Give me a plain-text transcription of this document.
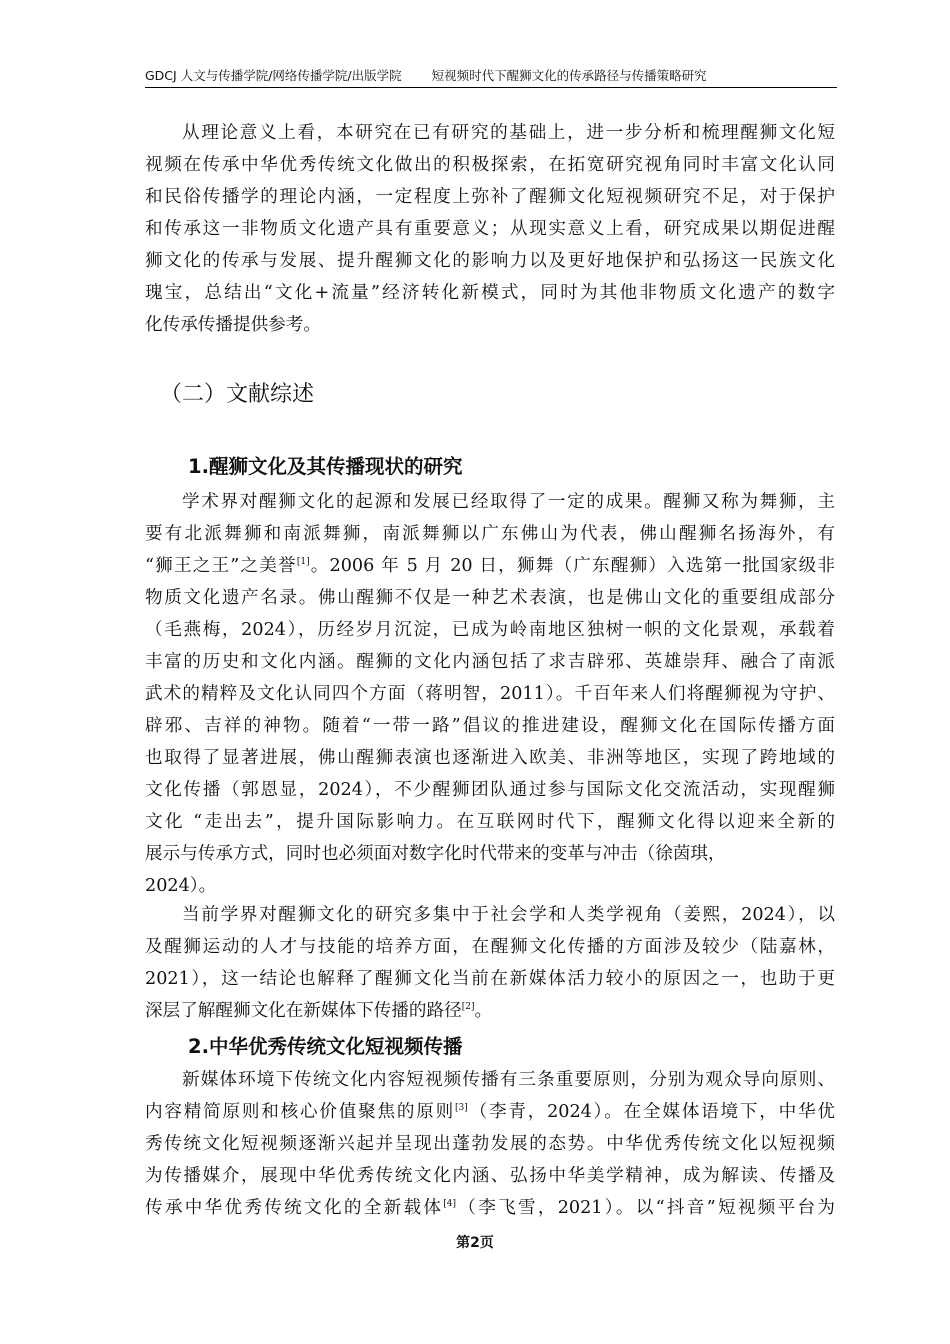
GDCJ 人文与传播学院/网络传播学院/出版学院 短视频时代下醒狮文化的传承路径与传播策略研究
从理论意义上看，本研究在已有研究的基础上，进一步分析和梳理醒狮文化短
视频在传承中华优秀传统文化做出的积极探索，在拓宽研究视角同时丰富文化认同
和民俗传播学的理论内涵，一定程度上弥补了醒狮文化短视频研究不足，对于保护
和传承这一非物质文化遗产具有重要意义；从现实意义上看，研究成果以期促进醒
狮文化的传承与发展、提升醒狮文化的影响力以及更好地保护和弘扬这一民族文化
瑰宝，总结出“文化+流量”经济转化新模式，同时为其他非物质文化遗产的数字
化传承传播提供参考。
（二）文献综述
1.醒狮文化及其传播现状的研究
学术界对醒狮文化的起源和发展已经取得了一定的成果。醒狮又称为舞狮，主
要有北派舞狮和南派舞狮，南派舞狮以广东佛山为代表，佛山醒狮名扬海外，有
“狮王之王”之美誉[1]。2006 年 5 月 20 日，狮舞（广东醒狮）入选第一批国家级非
物质文化遗产名录。佛山醒狮不仅是一种艺术表演，也是佛山文化的重要组成部分
（毛燕梅，2024），历经岁月沉淀，已成为岭南地区独树一帜的文化景观，承载着
丰富的历史和文化内涵。醒狮的文化内涵包括了求吉辟邪、英雄崇拜、融合了南派
武术的精粹及文化认同四个方面（蒋明智，2011）。千百年来人们将醒狮视为守护、
辟邪、吉祥的神物。随着“一带一路”倡议的推进建设，醒狮文化在国际传播方面
也取得了显著进展，佛山醒狮表演也逐渐进入欧美、非洲等地区，实现了跨地域的
文化传播（郭恩显，2024），不少醒狮团队通过参与国际文化交流活动，实现醒狮
文化 “走出去”，提升国际影响力。在互联网时代下，醒狮文化得以迎来全新的
展示与传承方式，同时也必须面对数字化时代带来的变革与冲击（徐茵琪，
2024）。
当前学界对醒狮文化的研究多集中于社会学和人类学视角（姜熙，2024），以
及醒狮运动的人才与技能的培养方面，在醒狮文化传播的方面涉及较少（陆嘉林，
2021），这一结论也解释了醒狮文化当前在新媒体活力较小的原因之一，也助于更
深层了解醒狮文化在新媒体下传播的路径[2]。
2.中华优秀传统文化短视频传播
新媒体环境下传统文化内容短视频传播有三条重要原则，分别为观众导向原则、
内容精简原则和核心价值聚焦的原则[3]（李青，2024）。在全媒体语境下，中华优
秀传统文化短视频逐渐兴起并呈现出蓬勃发展的态势。中华优秀传统文化以短视频
为传播媒介，展现中华优秀传统文化内涵、弘扬中华美学精神，成为解读、传播及
传承中华优秀传统文化的全新载体[4]（李飞雪，2021）。以“抖音”短视频平台为
第2页
